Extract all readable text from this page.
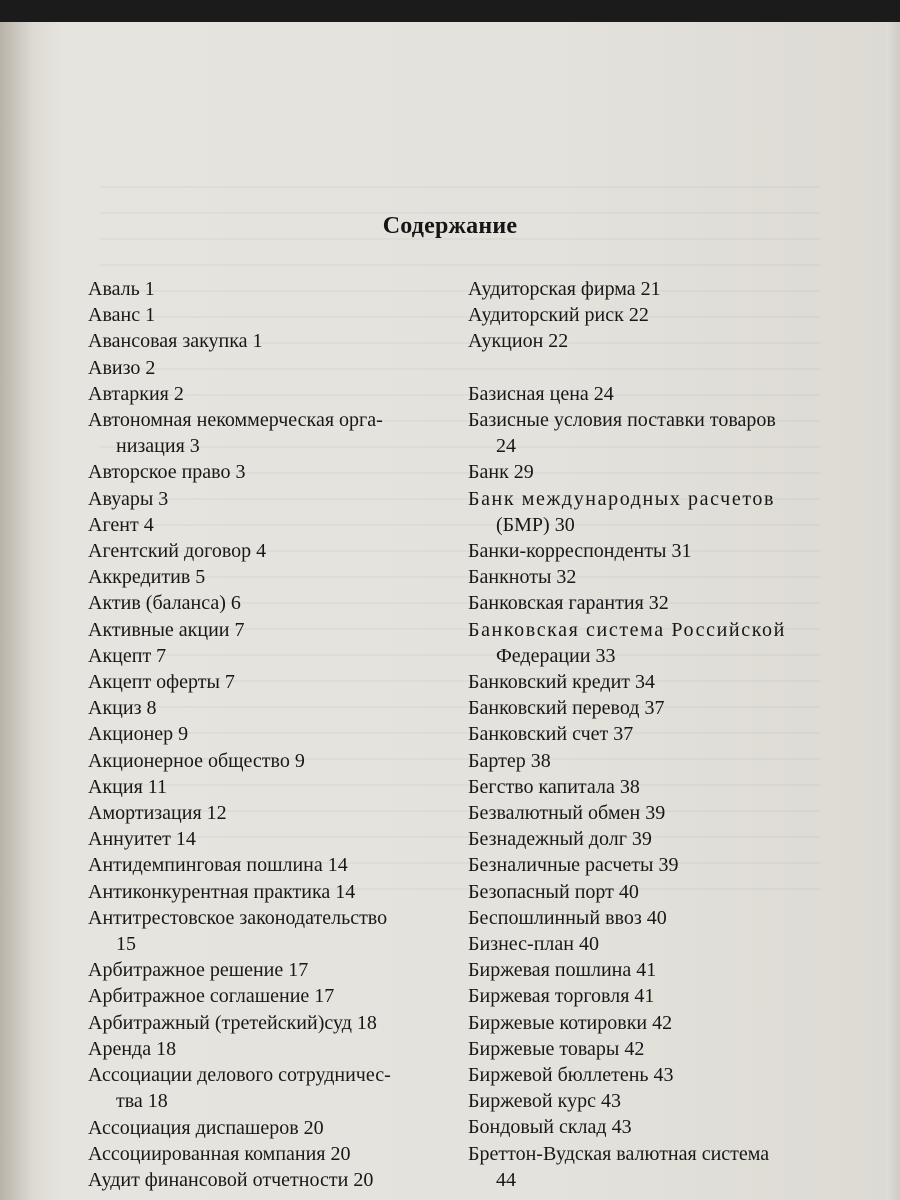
Содержание
Аваль 1
Аванс 1
Авансовая закупка 1
Авизо 2
Автаркия 2
Автономная некоммерческая орга-
низация 3
Авторское право 3
Авуары 3
Агент 4
Агентский договор 4
Аккредитив 5
Актив (баланса) 6
Активные акции 7
Акцепт 7
Акцепт оферты 7
Акциз 8
Акционер 9
Акционерное общество 9
Акция 11
Амортизация 12
Аннуитет 14
Антидемпинговая пошлина 14
Антиконкурентная практика 14
Антитрестовское законодательство
15
Арбитражное решение 17
Арбитражное соглашение 17
Арбитражный (третейский)суд 18
Аренда 18
Ассоциации делового сотрудничес-
тва 18
Ассоциация диспашеров 20
Ассоциированная компания 20
Аудит финансовой отчетности 20
Аудиторская фирма 21
Аудиторский риск 22
Аукцион 22
Базисная цена 24
Базисные условия поставки товаров
24
Банк 29
Банк международных расчетов
(БМР) 30
Банки-корреспонденты 31
Банкноты 32
Банковская гарантия 32
Банковская система Российской
Федерации 33
Банковский кредит 34
Банковский перевод 37
Банковский счет 37
Бартер 38
Бегство капитала 38
Безвалютный обмен 39
Безнадежный долг 39
Безналичные расчеты 39
Безопасный порт 40
Беспошлинный ввоз 40
Бизнес-план 40
Биржевая пошлина 41
Биржевая торговля 41
Биржевые котировки 42
Биржевые товары 42
Биржевой бюллетень 43
Биржевой курс 43
Бондовый склад 43
Бреттон-Вудская валютная система
44
